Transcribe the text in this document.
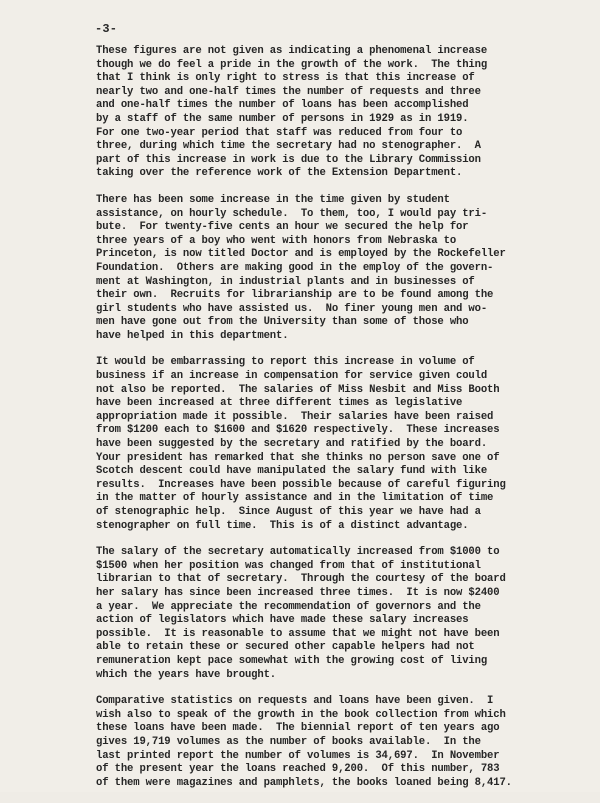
-3-
These figures are not given as indicating a phenomenal increase
though we do feel a pride in the growth of the work.  The thing
that I think is only right to stress is that this increase of
nearly two and one-half times the number of requests and three
and one-half times the number of loans has been accomplished
by a staff of the same number of persons in 1929 as in 1919.
For one two-year period that staff was reduced from four to
three, during which time the secretary had no stenographer.  A
part of this increase in work is due to the Library Commission
taking over the reference work of the Extension Department.
There has been some increase in the time given by student
assistance, on hourly schedule.  To them, too, I would pay tri-
bute.  For twenty-five cents an hour we secured the help for
three years of a boy who went with honors from Nebraska to
Princeton, is now titled Doctor and is employed by the Rockefeller
Foundation.  Others are making good in the employ of the govern-
ment at Washington, in industrial plants and in businesses of
their own.  Recruits for librarianship are to be found among the
girl students who have assisted us.  No finer young men and wo-
men have gone out from the University than some of those who
have helped in this department.
It would be embarrassing to report this increase in volume of
business if an increase in compensation for service given could
not also be reported.  The salaries of Miss Nesbit and Miss Booth
have been increased at three different times as legislative
appropriation made it possible.  Their salaries have been raised
from $1200 each to $1600 and $1620 respectively.  These increases
have been suggested by the secretary and ratified by the board.
Your president has remarked that she thinks no person save one of
Scotch descent could have manipulated the salary fund with like
results.  Increases have been possible because of careful figuring
in the matter of hourly assistance and in the limitation of time
of stenographic help.  Since August of this year we have had a
stenographer on full time.  This is of a distinct advantage.
The salary of the secretary automatically increased from $1000 to
$1500 when her position was changed from that of institutional
librarian to that of secretary.  Through the courtesy of the board
her salary has since been increased three times.  It is now $2400
a year.  We appreciate the recommendation of governors and the
action of legislators which have made these salary increases
possible.  It is reasonable to assume that we might not have been
able to retain these or secured other capable helpers had not
remuneration kept pace somewhat with the growing cost of living
which the years have brought.
Comparative statistics on requests and loans have been given.  I
wish also to speak of the growth in the book collection from which
these loans have been made.  The biennial report of ten years ago
gives 19,719 volumes as the number of books available.  In the
last printed report the number of volumes is 34,697.  In November
of the present year the loans reached 9,200.  Of this number, 783
of them were magazines and pamphlets, the books loaned being 8,417.
